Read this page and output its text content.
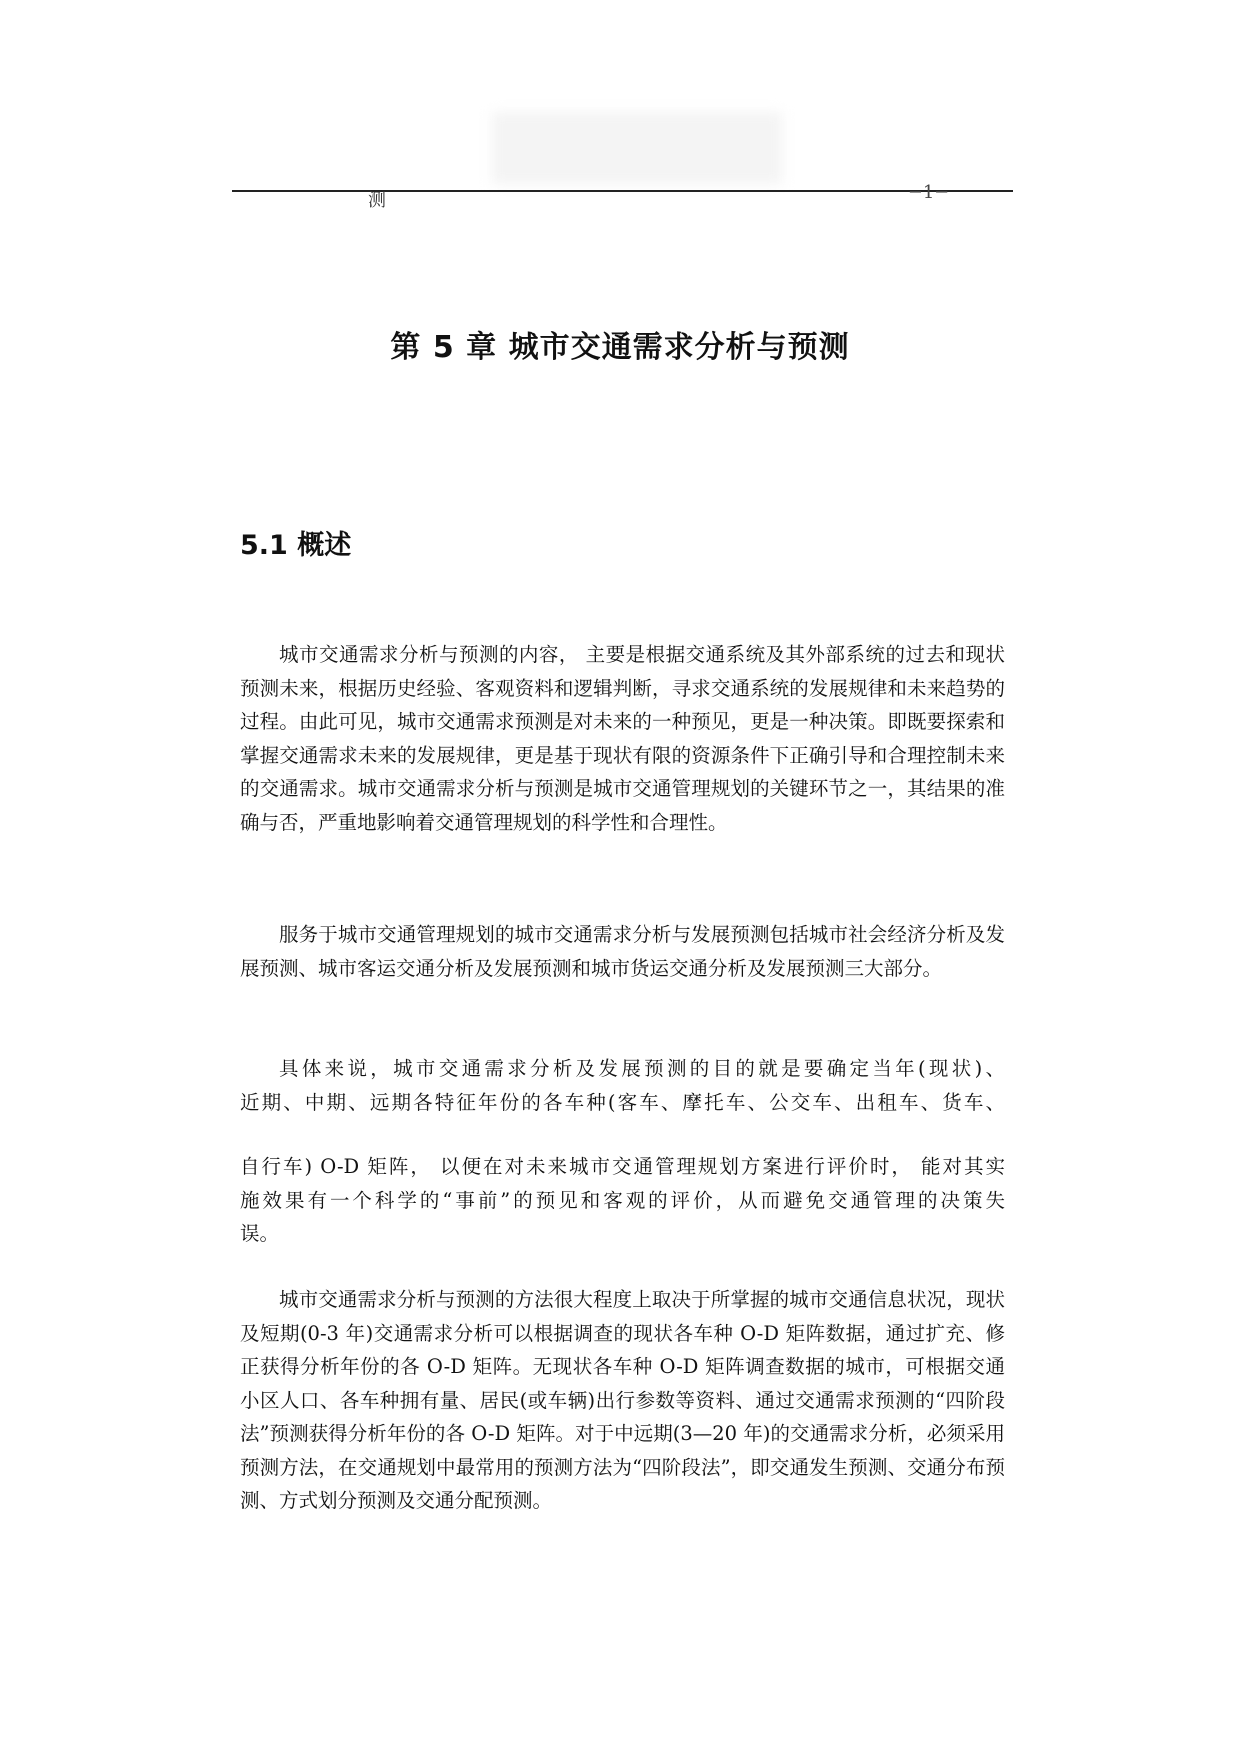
测	─1─
第 5 章 城市交通需求分析与预测
5.1 概述

城市交通需求分析与预测的内容， 主要是根据交通系统及其外部系统的过去和现状预测未来，根据历史经验、客观资料和逻辑判断，寻求交通系统的发展规律和未来趋势的过程。由此可见，城市交通需求预测是对未来的一种预见，更是一种决策。即既要探索和掌握交通需求未来的发展规律，更是基于现状有限的资源条件下正确引导和合理控制未来的交通需求。城市交通需求分析与预测是城市交通管理规划的关键环节之一，其结果的准确与否，严重地影响着交通管理规划的科学性和合理性。

服务于城市交通管理规划的城市交通需求分析与发展预测包括城市社会经济分析及发展预测、城市客运交通分析及发展预测和城市货运交通分析及发展预测三大部分。

具体来说，城市交通需求分析及发展预测的目的就是要确定当年(现状)、

近期、中期、远期各特征年份的各车种(客车、摩托车、公交车、出租车、货车、

自行车) O-D 矩阵， 以便在对未来城市交通管理规划方案进行评价时， 能对其实

施效果有一个科学的“事前”的预见和客观的评价，从而避免交通管理的决策失

误。

城市交通需求分析与预测的方法很大程度上取决于所掌握的城市交通信息状况，现状及短期(0-3 年)交通需求分析可以根据调查的现状各车种 O-D 矩阵数据，通过扩充、修正获得分析年份的各 O-D 矩阵。无现状各车种 O-D 矩阵调查数据的城市，可根据交通小区人口、各车种拥有量、居民(或车辆)出行参数等资料、通过交通需求预测的“四阶段法”预测获得分析年份的各 O-D 矩阵。对于中远期(3—20 年)的交通需求分析，必须采用预测方法，在交通规划中最常用的预测方法为“四阶段法”，即交通发生预测、交通分布预测、方式划分预测及交通分配预测。
